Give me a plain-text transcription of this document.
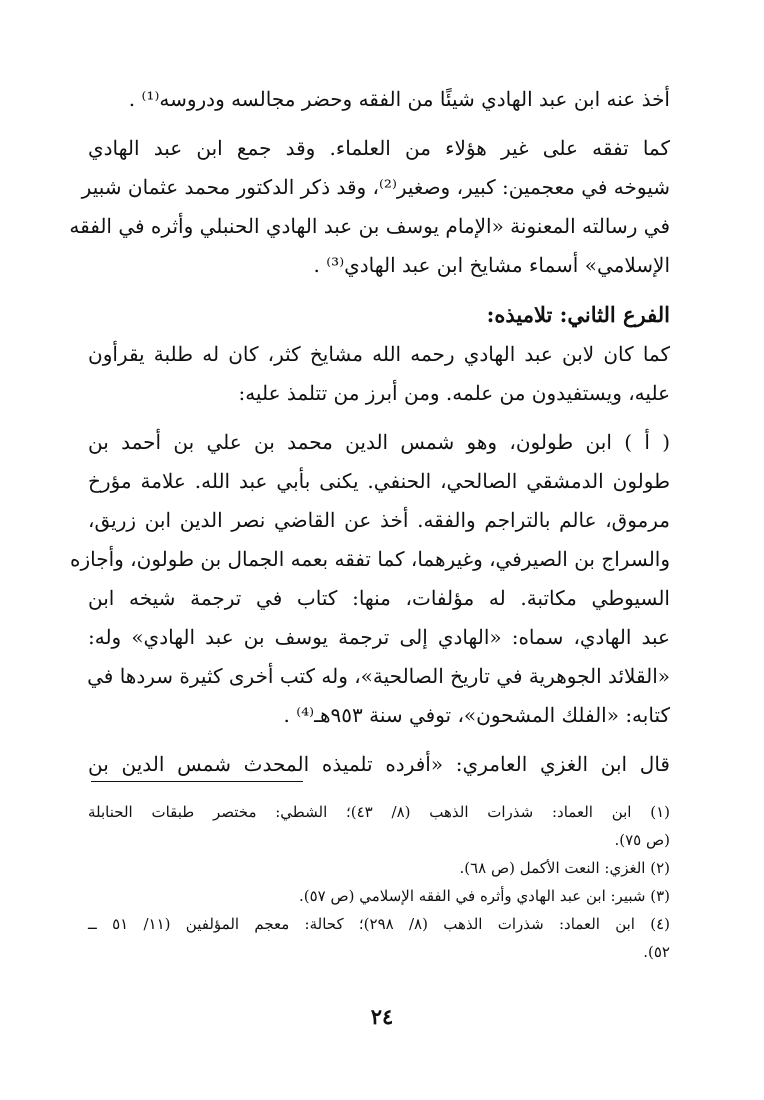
أخذ عنه ابن عبد الهادي شيئًا من الفقه وحضر مجالسه ودروسه⁽¹⁾ .
كما تفقه على غير هؤلاء من العلماء. وقد جمع ابن عبد الهادي
شيوخه في معجمين: كبير، وصغير⁽²⁾، وقد ذكر الدكتور محمد عثمان شبير
في رسالته المعنونة «الإمام يوسف بن عبد الهادي الحنبلي وأثره في الفقه
الإسلامي» أسماء مشايخ ابن عبد الهادي⁽³⁾ .
الفرع الثاني: تلاميذه:
كما كان لابن عبد الهادي رحمه الله مشايخ كثر، كان له طلبة يقرأون
عليه، ويستفيدون من علمه. ومن أبرز من تتلمذ عليه:
( أ ) ابن طولون، وهو شمس الدين محمد بن علي بن أحمد بن
طولون الدمشقي الصالحي، الحنفي. يكنى بأبي عبد الله. علامة مؤرخ
مرموق، عالم بالتراجم والفقه. أخذ عن القاضي نصر الدين ابن زريق،
والسراج بن الصيرفي، وغيرهما، كما تفقه بعمه الجمال بن طولون، وأجازه
السيوطي مكاتبة. له مؤلفات، منها: كتاب في ترجمة شيخه ابن
عبد الهادي، سماه: «الهادي إلى ترجمة يوسف بن عبد الهادي» وله:
«القلائد الجوهرية في تاريخ الصالحية»، وله كتب أخرى كثيرة سردها في
كتابه: «الفلك المشحون»، توفي سنة ٩٥٣هـ⁽⁴⁾ .
قال ابن الغزي العامري: «أفرده تلميذه المحدث شمس الدين بن
(١) ابن العماد: شذرات الذهب (٨/ ٤٣)؛ الشطي: مختصر طبقات الحنابلة
(ص ٧٥).
(٢) الغزي: النعت الأكمل (ص ٦٨).
(٣) شبير: ابن عبد الهادي وأثره في الفقه الإسلامي (ص ٥٧).
(٤) ابن العماد: شذرات الذهب (٨/ ٢٩٨)؛ كحالة: معجم المؤلفين (١١/ ٥١ ــ
٥٢).
٢٤
